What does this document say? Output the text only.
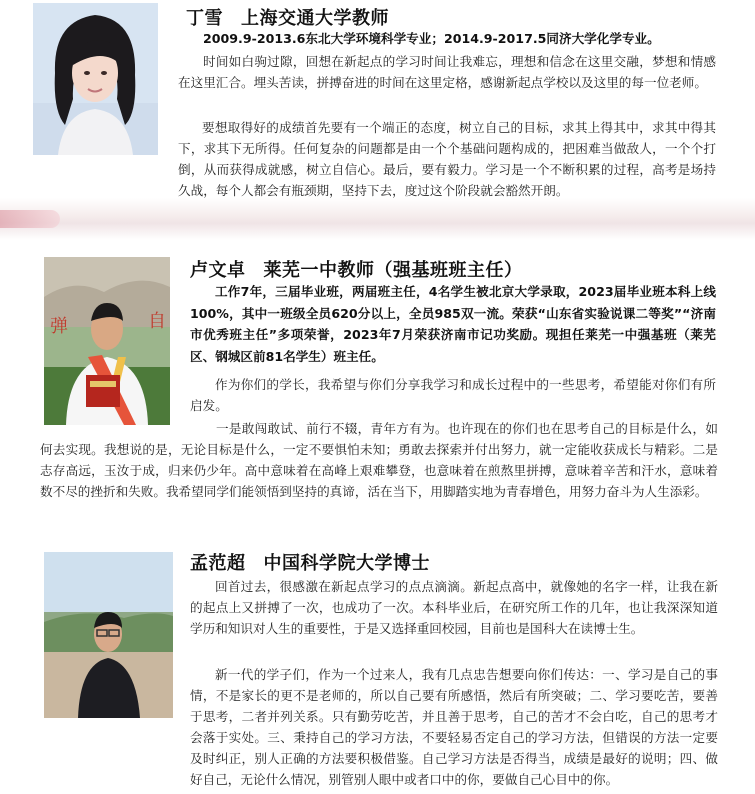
丁雪 上海交通大学教师
2009.9-2013.6东北大学环境科学专业；2014.9-2017.5同济大学化学专业。
时间如白驹过隙，回想在新起点的学习时间让我难忘，理想和信念在这里交融，梦想和情感在这里汇合。埋头苦读，拼搏奋进的时间在这里定格，感谢新起点学校以及这里的每一位老师。
要想取得好的成绩首先要有一个端正的态度，树立自己的目标，求其上得其中，求其中得其下，求其下无所得。任何复杂的问题都是由一个个基础问题构成的，把困难当做敌人，一个个打倒，从而获得成就感，树立自信心。最后，要有毅力。学习是一个不断积累的过程，高考是场持久战，每个人都会有瓶颈期，坚持下去，度过这个阶段就会豁然开朗。
弹	自
卢文卓 莱芜一中教师（强基班班主任）
工作7年，三届毕业班，两届班主任，4名学生被北京大学录取，2023届毕业班本科上线100%，其中一班级全员620分以上，全员985双一流。荣获“山东省实验说课二等奖”“济南市优秀班主任”多项荣誉，2023年7月荣获济南市记功奖励。现担任莱芜一中强基班（莱芜区、钢城区前81名学生）班主任。
作为你们的学长，我希望与你们分享我学习和成长过程中的一些思考，希望能对你们有所启发。
一是敢闯敢试、前行不辍，青年方有为。也许现在的你们也在思考自己的目标是什么，如何去实现。我想说的是，无论目标是什么，一定不要惧怕未知；勇敢去探索并付出努力，就一定能收获成长与精彩。二是志存高远，玉汝于成，归来仍少年。高中意味着在高峰上艰难攀登，也意味着在煎熬里拼搏，意味着辛苦和汗水，意味着数不尽的挫折和失败。我希望同学们能领悟到坚持的真谛，活在当下，用脚踏实地为青春增色，用努力奋斗为人生添彩。
孟范超 中国科学院大学博士
回首过去，很感激在新起点学习的点点滴滴。新起点高中，就像她的名字一样，让我在新的起点上又拼搏了一次，也成功了一次。本科毕业后，在研究所工作的几年，也让我深深知道学历和知识对人生的重要性，于是又选择重回校园，目前也是国科大在读博士生。
新一代的学子们，作为一个过来人，我有几点忠告想要向你们传达：一、学习是自己的事情，不是家长的更不是老师的，所以自己要有所感悟，然后有所突破；二、学习要吃苦，要善于思考，二者并列关系。只有勤劳吃苦，并且善于思考，自己的苦才不会白吃，自己的思考才会落于实处。三、秉持自己的学习方法，不要轻易否定自己的学习方法，但错误的方法一定要及时纠正，别人正确的方法要积极借鉴。自己学习方法是否得当，成绩是最好的说明；四、做好自己，无论什么情况，别管别人眼中或者口中的你，要做自己心目中的你。
